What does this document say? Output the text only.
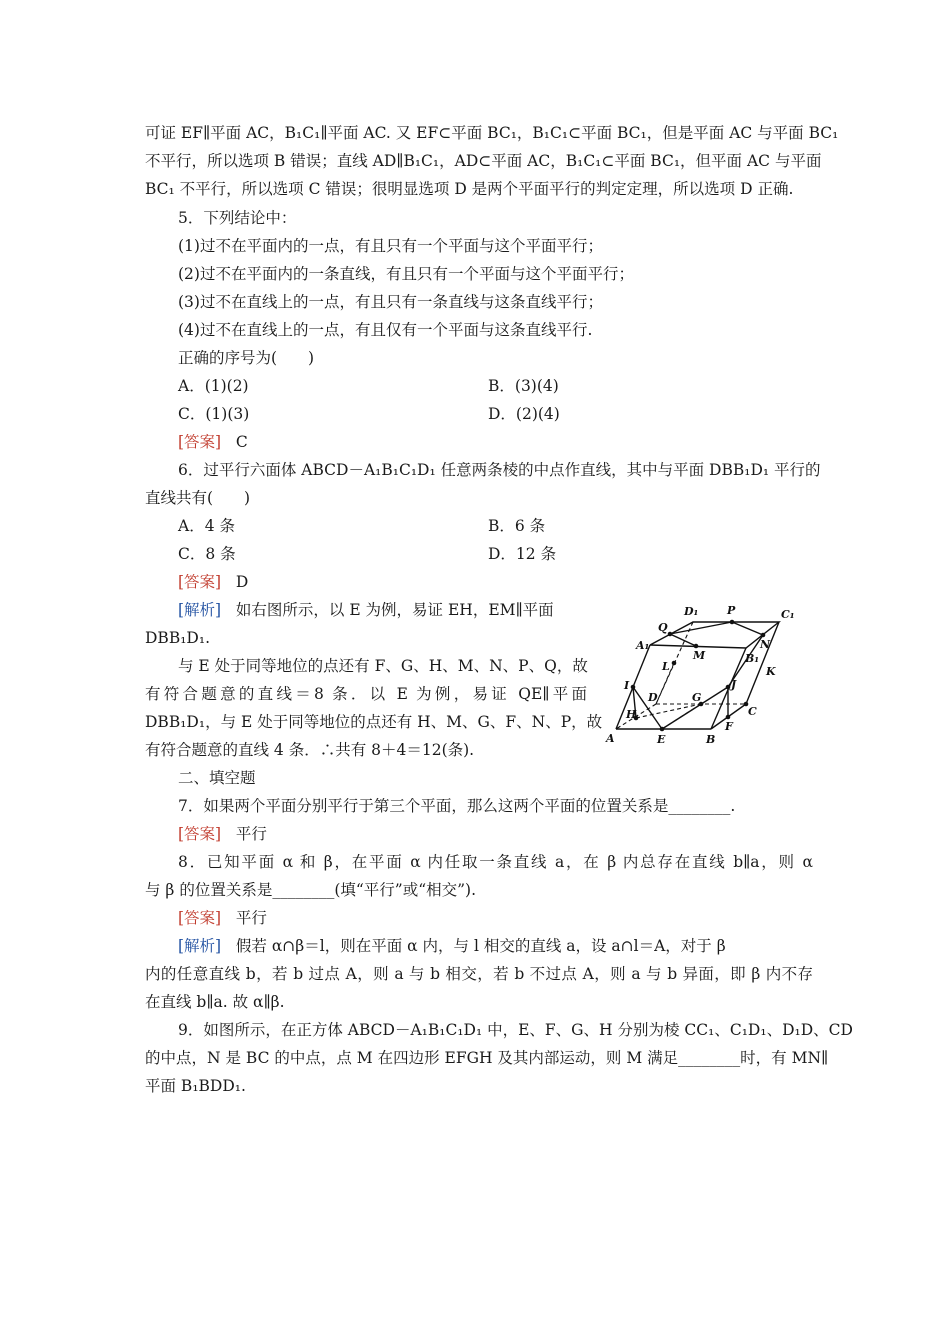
可证 EF∥平面 AC，B₁C₁∥平面 AC. 又 EF⊂平面 BC₁，B₁C₁⊂平面 BC₁，但是平面 AC 与平面 BC₁
不平行，所以选项 B 错误；直线 AD∥B₁C₁，AD⊂平面 AC，B₁C₁⊂平面 BC₁，但平面 AC 与平面
BC₁ 不平行，所以选项 C 错误；很明显选项 D 是两个平面平行的判定定理，所以选项 D 正确.
5．下列结论中：
(1)过不在平面内的一点，有且只有一个平面与这个平面平行；
(2)过不在平面内的一条直线，有且只有一个平面与这个平面平行；
(3)过不在直线上的一点，有且只有一条直线与这条直线平行；
(4)过不在直线上的一点，有且仅有一个平面与这条直线平行.
正确的序号为(　　)
A．(1)(2)	B．(3)(4)
C．(1)(3)	D．(2)(4)
[答案] C
6．过平行六面体 ABCD－A₁B₁C₁D₁ 任意两条棱的中点作直线，其中与平面 DBB₁D₁ 平行的
直线共有(　　)
A．4 条	B．6 条
C．8 条	D．12 条
[答案] D
[解析] 如右图所示，以 E 为例，易证 EH，EM∥平面
DBB₁D₁.
与 E 处于同等地位的点还有 F、G、H、M、N、P、Q，故
有符合题意的直线＝8 条．以 E 为例，易证 QE∥平面
DBB₁D₁，与 E 处于同等地位的点还有 H、M、G、F、N、P，故
有符合题意的直线 4 条．∴共有 8＋4＝12(条).
D₁	P	C₁
Q
A₁
M	B₁
N
K
L
I	J
D	G
H	C
F
A	E	B
二、填空题
7．如果两个平面分别平行于第三个平面，那么这两个平面的位置关系是________.
[答案] 平行
8．已知平面 α 和 β，在平面 α 内任取一条直线 a，在 β 内总存在直线 b∥a，则 α
与 β 的位置关系是________(填“平行”或“相交”).
[答案] 平行
[解析] 假若 α∩β＝l，则在平面 α 内，与 l 相交的直线 a，设 a∩l＝A，对于 β
内的任意直线 b，若 b 过点 A，则 a 与 b 相交，若 b 不过点 A，则 a 与 b 异面，即 β 内不存
在直线 b∥a. 故 α∥β.
9．如图所示，在正方体 ABCD－A₁B₁C₁D₁ 中，E、F、G、H 分别为棱 CC₁、C₁D₁、D₁D、CD
的中点，N 是 BC 的中点，点 M 在四边形 EFGH 及其内部运动，则 M 满足________时，有 MN∥
平面 B₁BDD₁.
